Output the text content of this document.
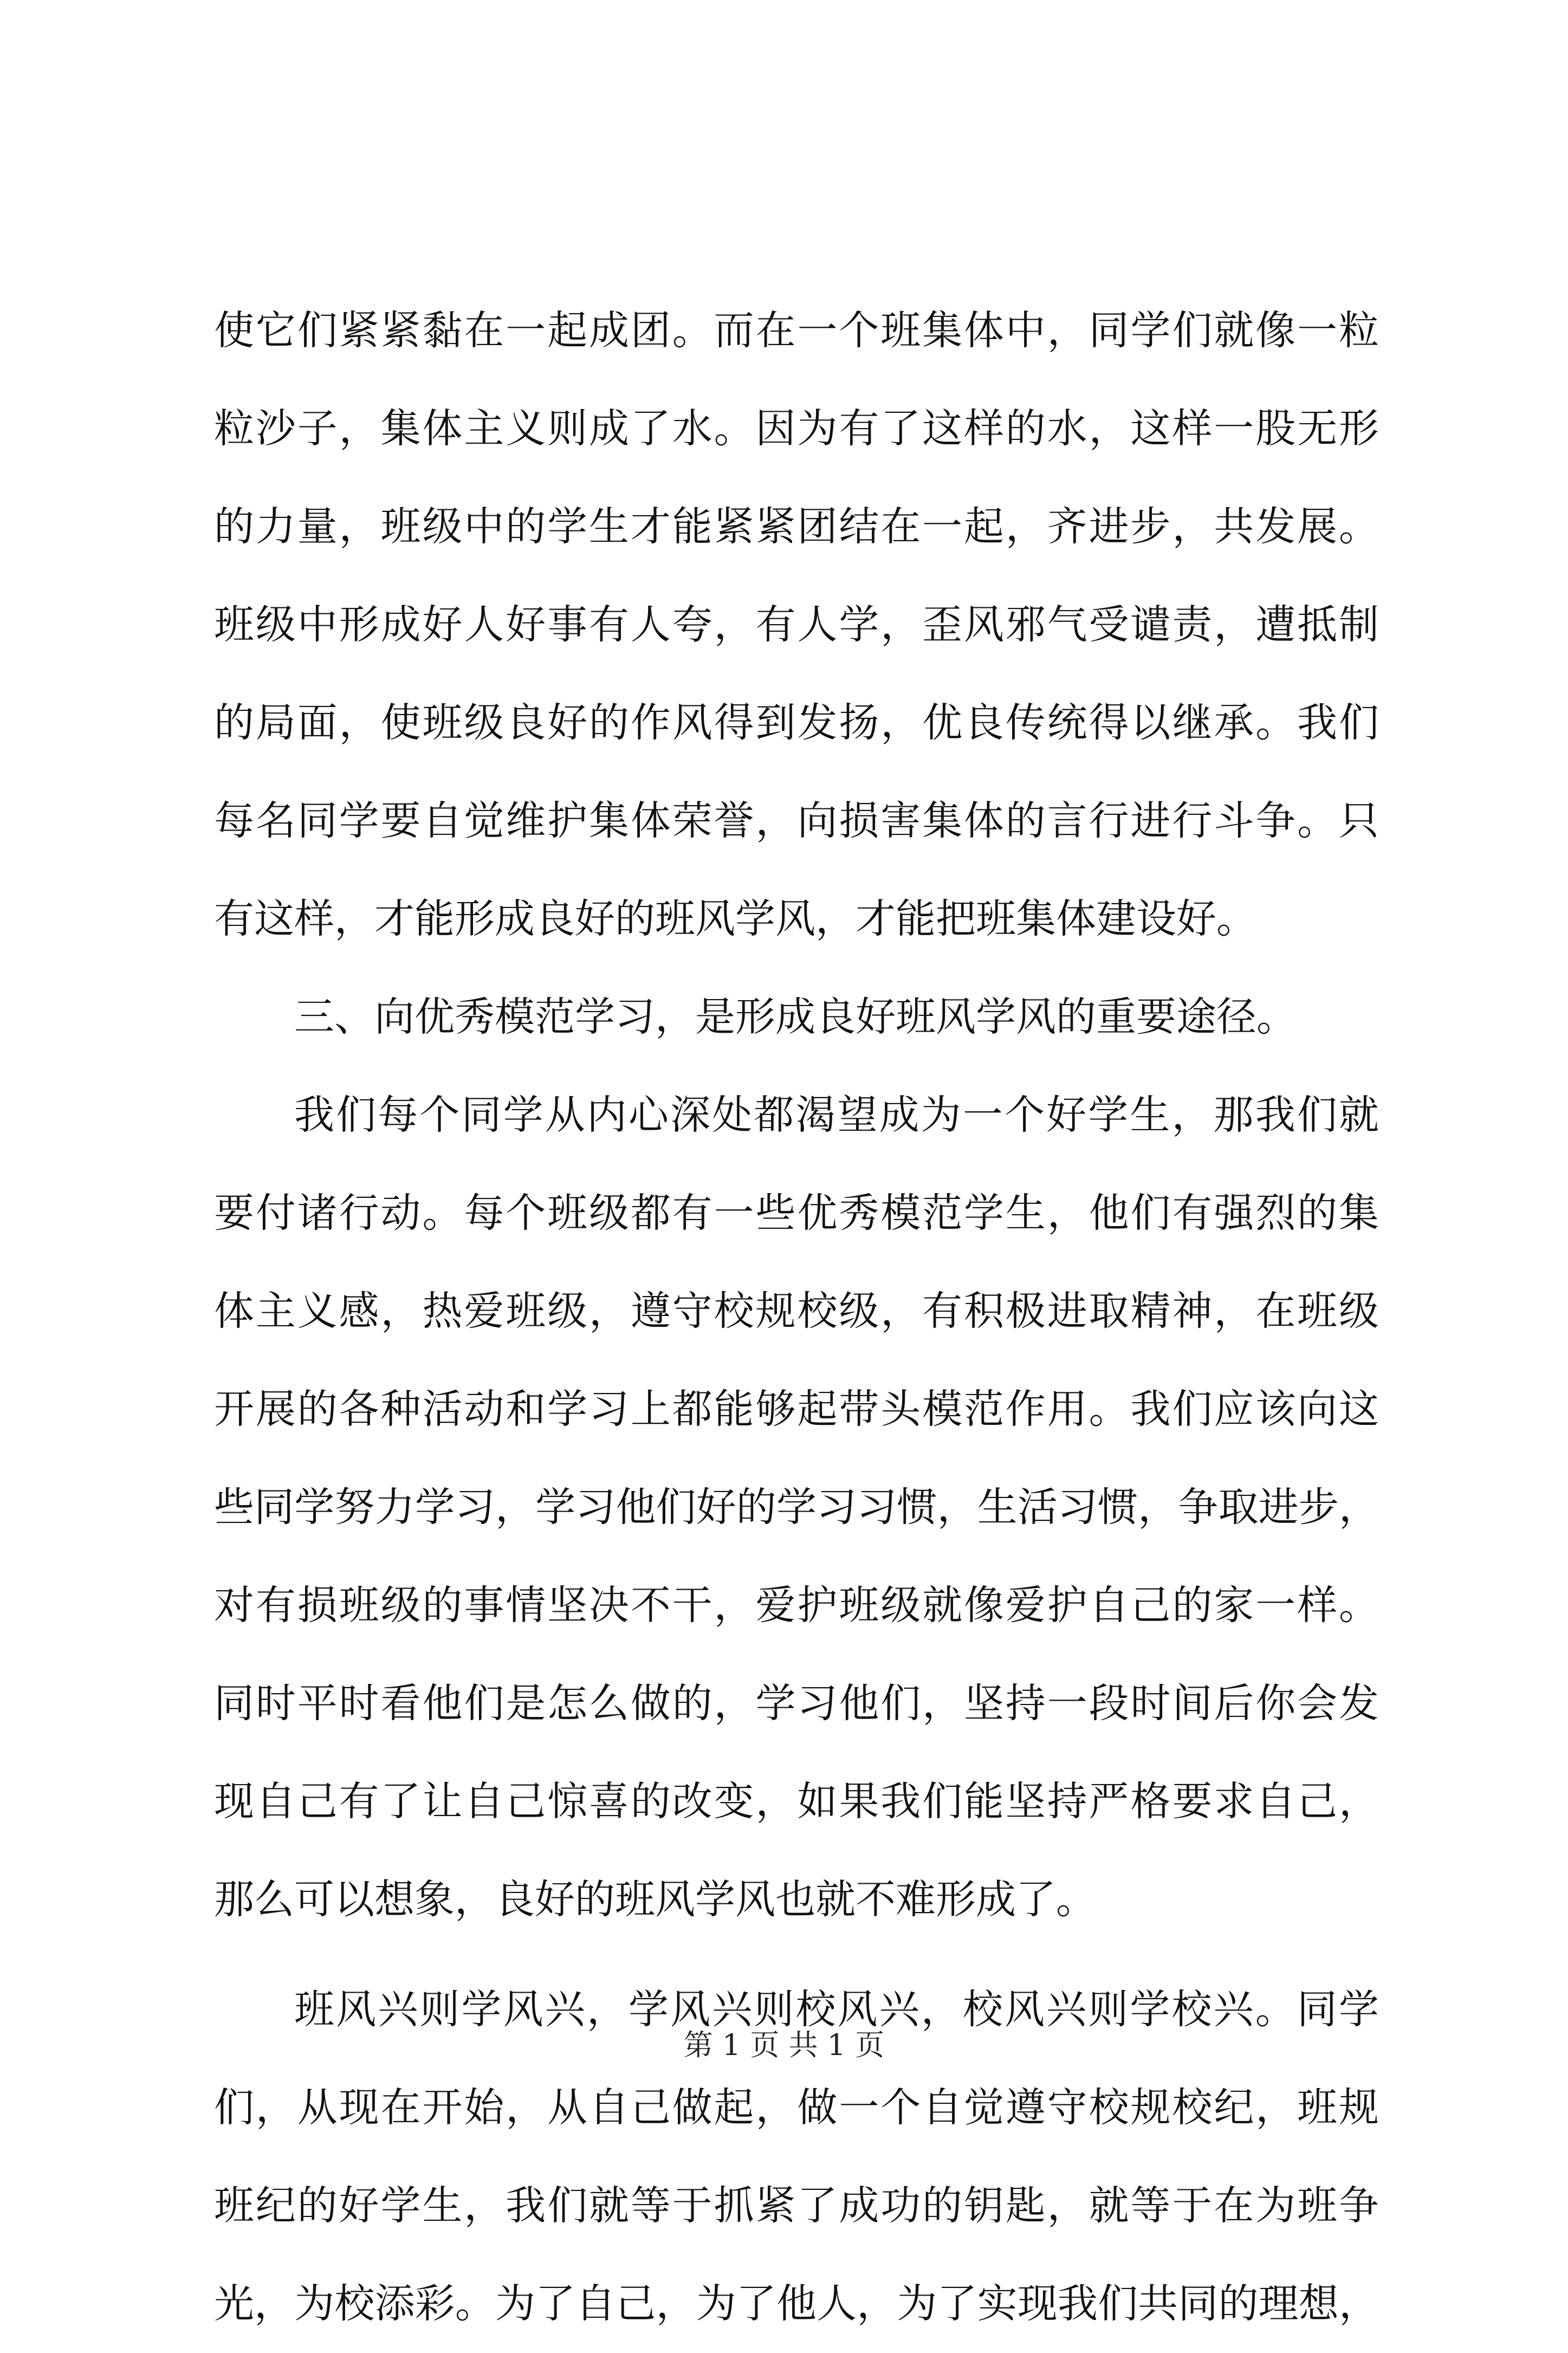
使它们紧紧黏在一起成团。而在一个班集体中，同学们就像一粒
粒沙子，集体主义则成了水。因为有了这样的水，这样一股无形
的力量，班级中的学生才能紧紧团结在一起，齐进步，共发展。
班级中形成好人好事有人夸，有人学，歪风邪气受谴责，遭抵制
的局面，使班级良好的作风得到发扬，优良传统得以继承。我们
每名同学要自觉维护集体荣誉，向损害集体的言行进行斗争。只
有这样，才能形成良好的班风学风，才能把班集体建设好。
三、向优秀模范学习，是形成良好班风学风的重要途径。
我们每个同学从内心深处都渴望成为一个好学生，那我们就
要付诸行动。每个班级都有一些优秀模范学生，他们有强烈的集
体主义感，热爱班级，遵守校规校级，有积极进取精神，在班级
开展的各种活动和学习上都能够起带头模范作用。我们应该向这
些同学努力学习，学习他们好的学习习惯，生活习惯，争取进步，
对有损班级的事情坚决不干，爱护班级就像爱护自己的家一样。
同时平时看他们是怎么做的，学习他们，坚持一段时间后你会发
现自己有了让自己惊喜的改变，如果我们能坚持严格要求自己，
那么可以想象，良好的班风学风也就不难形成了。
班风兴则学风兴，学风兴则校风兴，校风兴则学校兴。同学
们，从现在开始，从自己做起，做一个自觉遵守校规校纪，班规
班纪的好学生，我们就等于抓紧了成功的钥匙，就等于在为班争
光，为校添彩。为了自己，为了他人，为了实现我们共同的理想，
第 1 页 共 1 页
